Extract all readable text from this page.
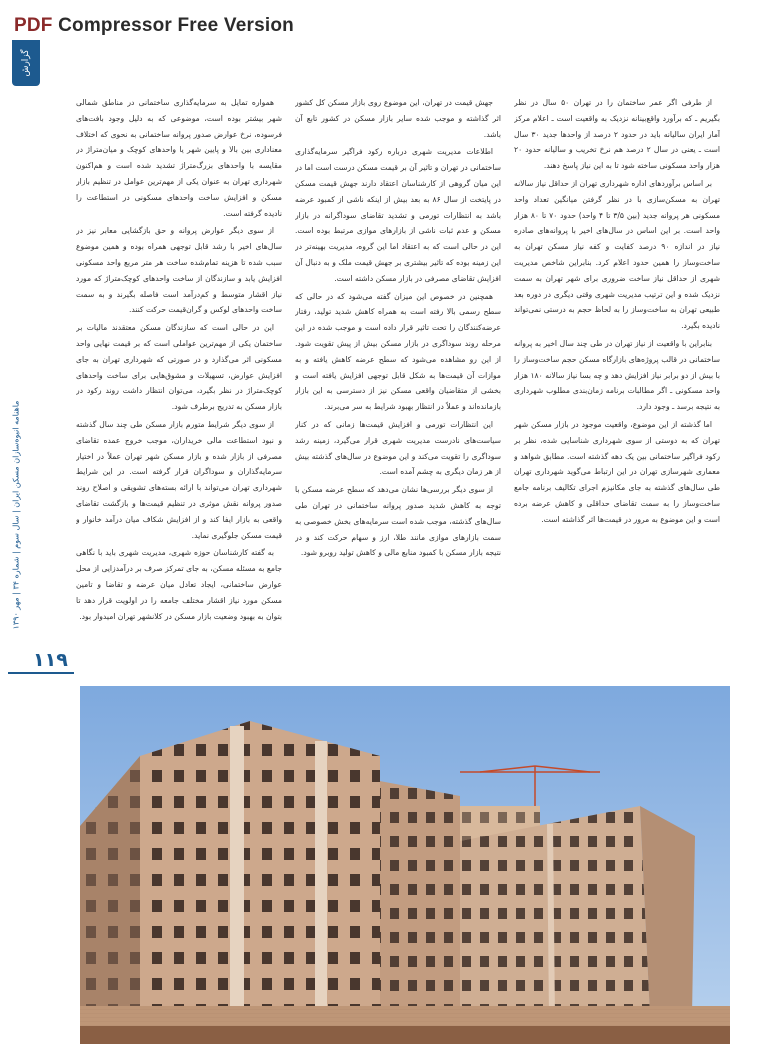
PDF Compressor Free Version
گزارش
ماهنامه انبوه‌سازان مسکن ایران | سال سوم | شماره ۳۴ | مهر ۱۳۹۰
۱۱۹

از طرفی اگر عمر ساختمان را در تهران ۵۰ سال در نظر بگیریم ـ که برآورد واقع‌بینانه نزدیک به واقعیت است ـ اعلام مرکز آمار ایران سالیانه باید در حدود ۲ درصد از واحدها جدید ۳۰ سال است ـ یعنی در سال ۲ درصد هم نرخ تخریب و سالیانه حدود ۲۰ هزار واحد مسکونی ساخته شود تا به این نیاز پاسخ دهند.

بر اساس برآوردهای اداره شهرداری تهران از حداقل نیاز سالانه تهران به مسکن‌سازی با در نظر گرفتن میانگین تعداد واحد مسکونی هر پروانه جدید (بین ۳/۵ تا ۴ واحد) حدود ۷۰ تا ۸۰ هزار واحد است. بر این اساس در سال‌های اخیر با پروانه‌های صادره نیاز در اندازه ۹۰ درصد کفایت و کفه نیاز مسکن تهران به ساخت‌وساز را همین حدود اعلام کرد. بنابراین شاخص مدیریت شهری از حداقل نیاز ساخت ضروری برای شهر تهران به سمت نزدیک شده و این ترتیب مدیریت شهری وقتی دیگری در دوره بعد طبیعی تهران به ساخت‌وساز را به لحاظ حجم به درستی نمی‌تواند نادیده بگیرد.

بنابراین با واقعیت از نیاز تهران در طی چند سال اخیر به پروانه ساختمانی در قالب پروژه‌های بازارگاه مسکن حجم ساخت‌وساز را با بیش از دو برابر نیاز افزایش دهد و چه بسا نیاز سالانه ۱۸۰ هزار واحد مسکونی ـ اگر مطالبات برنامه زمان‌بندی مطلوب شهرداری به نتیجه برسد ـ وجود دارد.

اما گذشته از این موضوع، واقعیت موجود در بازار مسکن شهر تهران که به دوستی از سوی شهرداری شناسایی شده، نظر بر رکود فراگیر ساختمانی بین یک دهه گذشته است. مطابق شواهد و معماری شهرسازی تهران در این ارتباط می‌گوید شهرداری تهران طی سال‌های گذشته به جای مکانیزم اجرای تکالیف برنامه جامع ساخت‌وساز را به سمت تقاضای حداقلی و کاهش عرضه برده است و این موضوع به مرور در قیمت‌ها اثر گذاشته است.

جهش قیمت در تهران، این موضوع روی بازار مسکن کل کشور اثر گذاشته و موجب شده سایر بازار مسکن در کشور تابع آن باشد.

اطلاعات مدیریت شهری درباره رکود فراگیر سرمایه‌گذاری ساختمانی در تهران و تاثیر آن بر قیمت مسکن درست است اما در این میان گروهی از کارشناسان اعتقاد دارند جهش قیمت مسکن در پایتخت از سال ۸۶ به بعد بیش از اینکه ناشی از کمبود عرضه باشد به انتظارات تورمی و تشدید تقاضای سوداگرانه در بازار مسکن و عدم ثبات ناشی از بازارهای موازی مرتبط بوده است. این در حالی است که به اعتقاد اما این گروه، مدیریت بهینه‌تر در این زمینه بوده که تاثیر بیشتری بر جهش قیمت ملک و به دنبال آن افزایش تقاضای مصرفی در بازار مسکن داشته است.

همچنین در خصوص این میزان گفته می‌شود که در حالی که سطح رسمی بالا رفته است به همراه کاهش شدید تولید، رفتار عرضه‌کنندگان را تحت تاثیر قرار داده است و موجب شده در این مرحله روند سوداگری در بازار مسکن بیش از پیش تقویت شود. از این رو مشاهده می‌شود که سطح عرضه کاهش یافته و به موازات آن قیمت‌ها به شکل قابل توجهی افزایش یافته است و بخشی از متقاضیان واقعی مسکن نیز از دسترسی به این بازار بازمانده‌اند و عملاً در انتظار بهبود شرایط به سر می‌برند.

این انتظارات تورمی و افزایش قیمت‌ها زمانی که در کنار سیاست‌های نادرست مدیریت شهری قرار می‌گیرد، زمینه رشد سوداگری را تقویت می‌کند و این موضوع در سال‌های گذشته بیش از هر زمان دیگری به چشم آمده است.

از سوی دیگر بررسی‌ها نشان می‌دهد که سطح عرضه مسکن با توجه به کاهش شدید صدور پروانه ساختمانی در تهران طی سال‌های گذشته، موجب شده است سرمایه‌های بخش خصوصی به سمت بازارهای موازی مانند طلا، ارز و سهام حرکت کند و در نتیجه بازار مسکن با کمبود منابع مالی و کاهش تولید روبرو شود.

همواره تمایل به سرمایه‌گذاری ساختمانی در مناطق شمالی شهر بیشتر بوده است، موضوعی که به دلیل وجود بافت‌های فرسوده، نرخ عوارض صدور پروانه ساختمانی به نحوی که اختلاف معناداری بین بالا و پایین شهر یا واحدهای کوچک و میان‌متراژ در مقایسه با واحدهای بزرگ‌متراژ تشدید شده است و هم‌اکنون شهرداری تهران به عنوان یکی از مهم‌ترین عوامل در تنظیم بازار مسکن و افزایش ساخت واحدهای مسکونی در استطاعت را نادیده گرفته است.

از سوی دیگر عوارض پروانه و حق بازگشایی معابر نیز در سال‌های اخیر با رشد قابل توجهی همراه بوده و همین موضوع سبب شده تا هزینه تمام‌شده ساخت هر متر مربع واحد مسکونی افزایش یابد و سازندگان از ساخت واحدهای کوچک‌متراژ که مورد نیاز اقشار متوسط و کم‌درآمد است فاصله بگیرند و به سمت ساخت واحدهای لوکس و گران‌قیمت حرکت کنند.

این در حالی است که سازندگان مسکن معتقدند مالیات بر ساختمان یکی از مهم‌ترین عواملی است که بر قیمت نهایی واحد مسکونی اثر می‌گذارد و در صورتی که شهرداری تهران به جای افزایش عوارض، تسهیلات و مشوق‌هایی برای ساخت واحدهای کوچک‌متراژ در نظر بگیرد، می‌توان انتظار داشت روند رکود در بازار مسکن به تدریج برطرف شود.

از سوی دیگر شرایط متورم بازار مسکن طی چند سال گذشته و نبود استطاعت مالی خریداران، موجب خروج عمده تقاضای مصرفی از بازار شده و بازار مسکن شهر تهران عملاً در اختیار سرمایه‌گذاران و سوداگران قرار گرفته است. در این شرایط شهرداری تهران می‌تواند با ارائه بسته‌های تشویقی و اصلاح روند صدور پروانه نقش موثری در تنظیم قیمت‌ها و بازگشت تقاضای واقعی به بازار ایفا کند و از افزایش شکاف میان درآمد خانوار و قیمت مسکن جلوگیری نماید.

به گفته کارشناسان حوزه شهری، مدیریت شهری باید با نگاهی جامع به مسئله مسکن، به جای تمرکز صرف بر درآمدزایی از محل عوارض ساختمانی، ایجاد تعادل میان عرضه و تقاضا و تامین مسکن مورد نیاز اقشار مختلف جامعه را در اولویت قرار دهد تا بتوان به بهبود وضعیت بازار مسکن در کلانشهر تهران امیدوار بود.
